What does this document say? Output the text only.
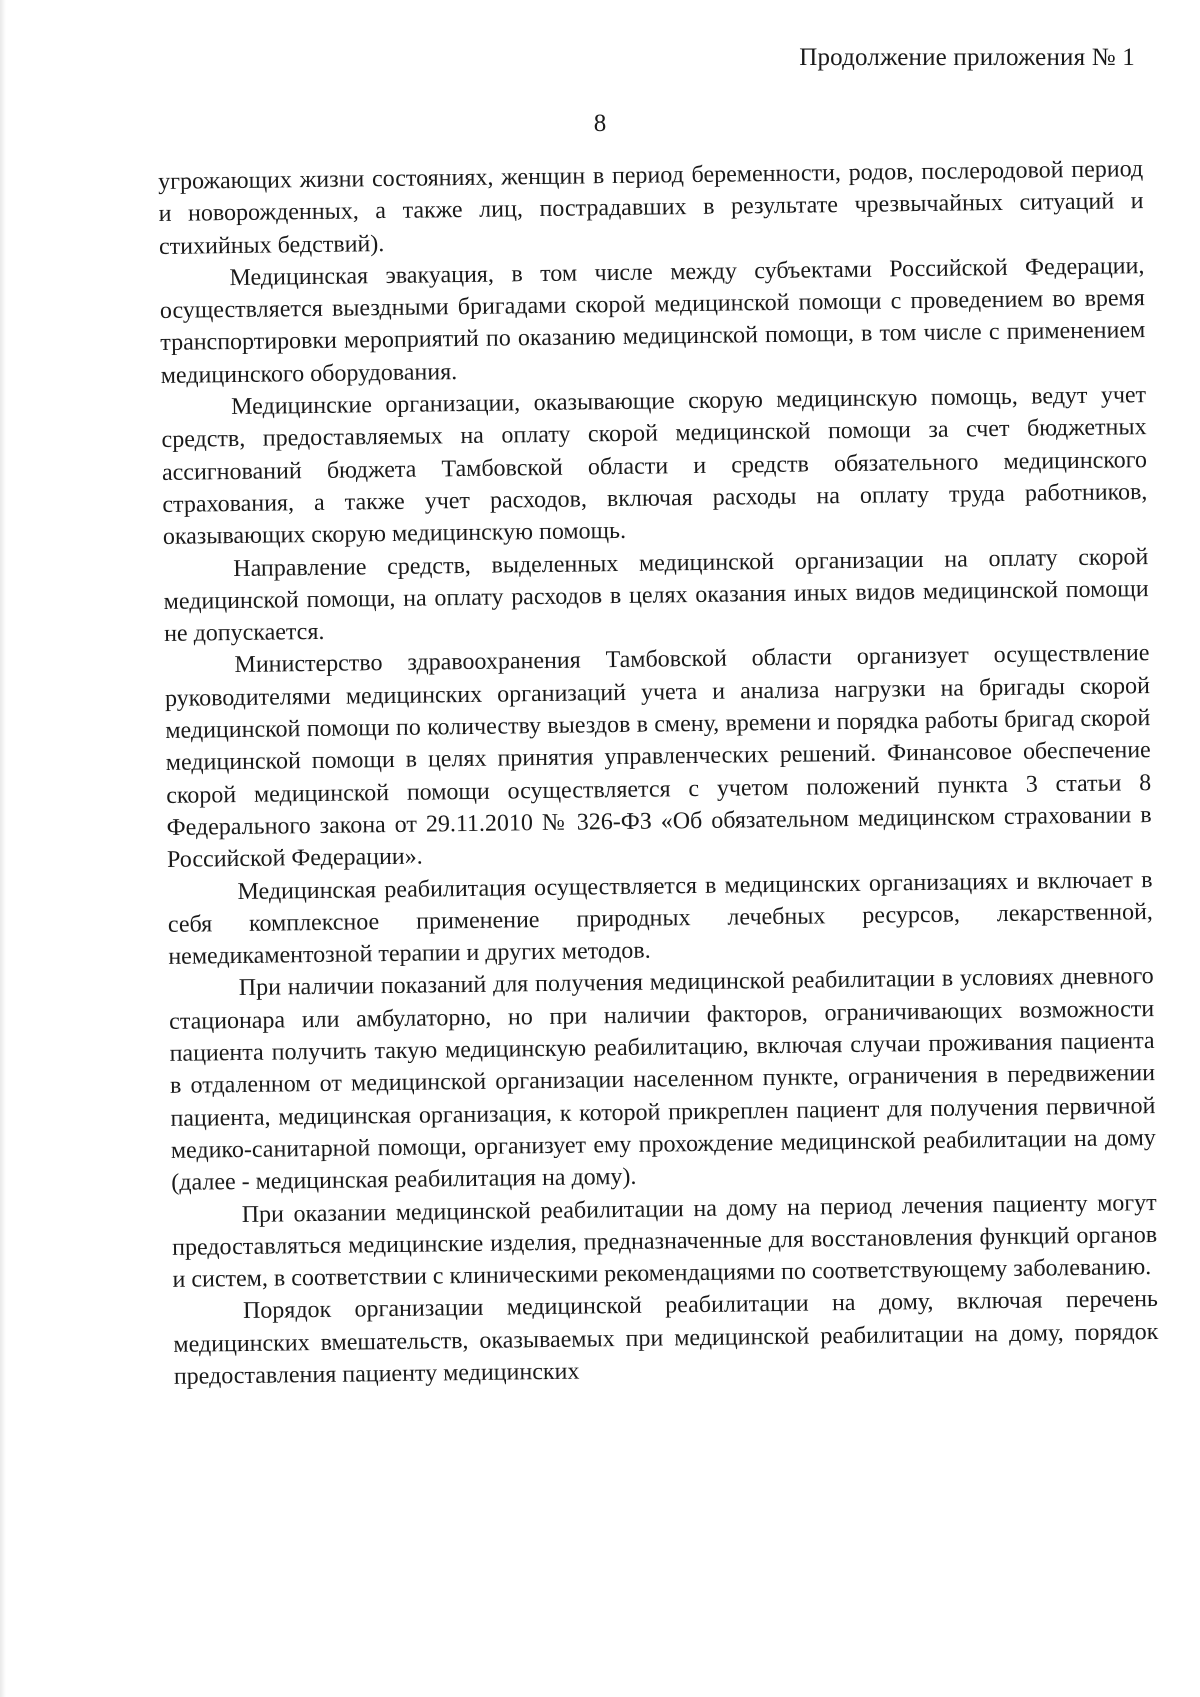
Продолжение приложения № 1
8

угрожающих жизни состояниях, женщин в период беременности, родов, послеродовой период и новорожденных, а также лиц, пострадавших в результате чрезвычайных ситуаций и стихийных бедствий).

Медицинская эвакуация, в том числе между субъектами Российской Федерации, осуществляется выездными бригадами скорой медицинской помощи с проведением во время транспортировки мероприятий по оказанию медицинской помощи, в том числе с применением медицинского оборудования.

Медицинские организации, оказывающие скорую медицинскую помощь, ведут учет средств, предоставляемых на оплату скорой медицинской помощи за счет бюджетных ассигнований бюджета Тамбовской области и средств обязательного медицинского страхования, а также учет расходов, включая расходы на оплату труда работников, оказывающих скорую медицинскую помощь.

Направление средств, выделенных медицинской организации на оплату скорой медицинской помощи, на оплату расходов в целях оказания иных видов медицинской помощи не допускается.

Министерство здравоохранения Тамбовской области организует осуществление руководителями медицинских организаций учета и анализа нагрузки на бригады скорой медицинской помощи по количеству выездов в смену, времени и порядка работы бригад скорой медицинской помощи в целях принятия управленческих решений. Финансовое обеспечение скорой медицинской помощи осуществляется с учетом положений пункта 3 статьи 8 Федерального закона от 29.11.2010 № 326-ФЗ «Об обязательном медицинском страховании в Российской Федерации».

Медицинская реабилитация осуществляется в медицинских организациях и включает в себя комплексное применение природных лечебных ресурсов, лекарственной, немедикаментозной терапии и других методов.

При наличии показаний для получения медицинской реабилитации в условиях дневного стационара или амбулаторно, но при наличии факторов, ограничивающих возможности пациента получить такую медицинскую реабилитацию, включая случаи проживания пациента в отдаленном от медицинской организации населенном пункте, ограничения в передвижении пациента, медицинская организация, к которой прикреплен пациент для получения первичной медико-санитарной помощи, организует ему прохождение медицинской реабилитации на дому (далее - медицинская реабилитация на дому).

При оказании медицинской реабилитации на дому на период лечения пациенту могут предоставляться медицинские изделия, предназначенные для восстановления функций органов и систем, в соответствии с клиническими рекомендациями по соответствующему заболеванию.

Порядок организации медицинской реабилитации на дому, включая перечень медицинских вмешательств, оказываемых при медицинской реабилитации на дому, порядок предоставления пациенту медицинских
